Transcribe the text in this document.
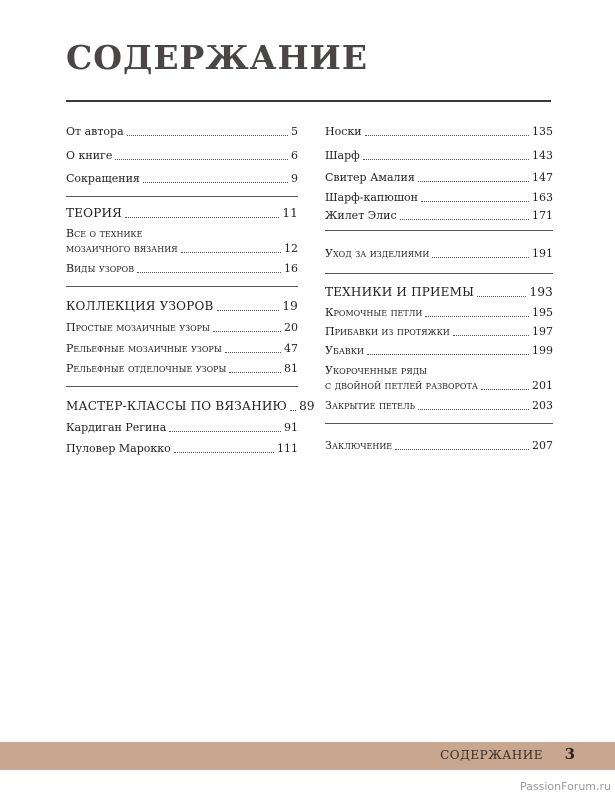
СОДЕРЖАНИЕ
От автора	5
О книге	6
Сокращения	9
ТЕОРИЯ	11
Все о технике
мозаичного вязания	12
Виды узоров	16
КОЛЛЕКЦИЯ УЗОРОВ	19
Простые мозаичные узоры	20
Рельефные мозаичные узоры	47
Рельефные отделочные узоры	81
МАСТЕР-КЛАССЫ ПО ВЯЗАНИЮ 89
Кардиган Регина	91
Пуловер Марокко	111
Носки	135
Шарф	143
Свитер Амалия	147
Шарф-капюшон	163
Жилет Элис	171
Уход за изделиями	191
ТЕХНИКИ И ПРИЕМЫ	193
Кромочные петли	195
Прибавки из протяжки	197
Убавки	199
Укороченные ряды
с двойной петлей разворота	201
Закрытие петель	203
Заключение	207
СОДЕРЖАНИЕ 3
PassionForum.ru
